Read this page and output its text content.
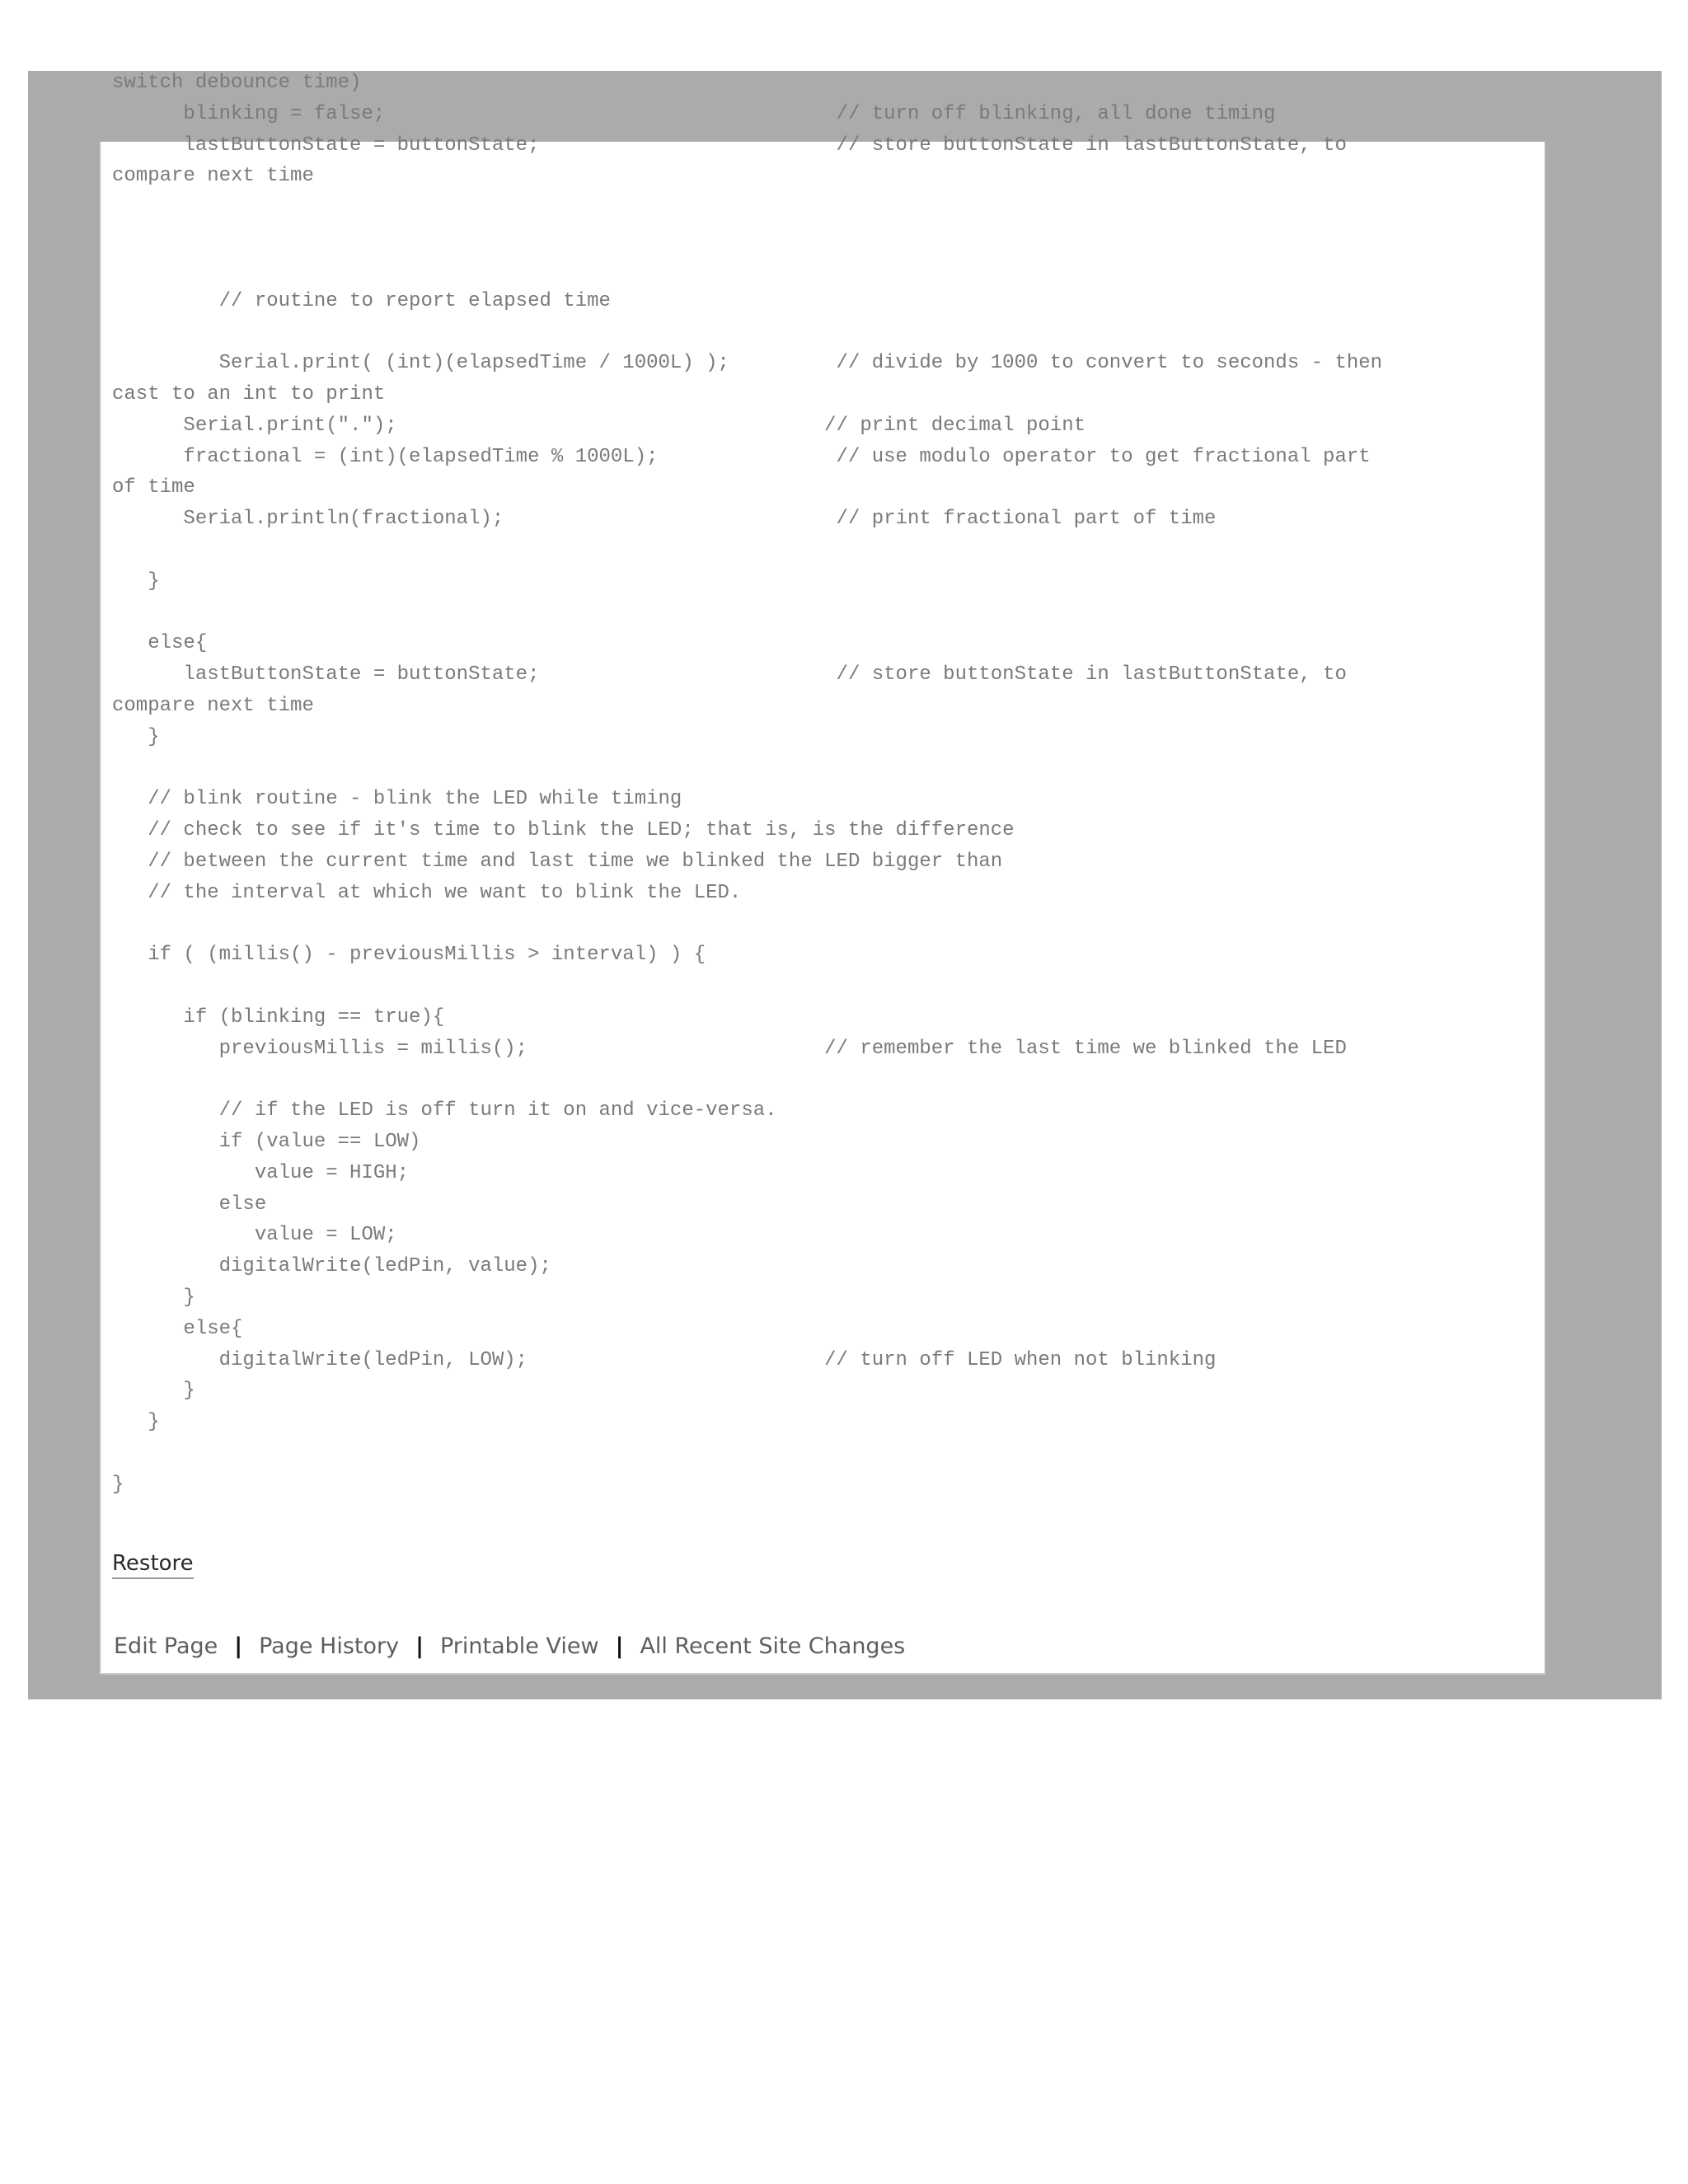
switch debounce time)
blinking = false;                                      // turn off blinking, all done timing
lastButtonState = buttonState;                         // store buttonState in lastButtonState, to
compare next time

// routine to report elapsed time

Serial.print( (int)(elapsedTime / 1000L) );         // divide by 1000 to convert to seconds - then
cast to an int to print
Serial.print(".");                                    // print decimal point
fractional = (int)(elapsedTime % 1000L);               // use modulo operator to get fractional part
of time
Serial.println(fractional);                            // print fractional part of time

}

else{
lastButtonState = buttonState;                         // store buttonState in lastButtonState, to
compare next time
}

// blink routine - blink the LED while timing
// check to see if it's time to blink the LED; that is, is the difference
// between the current time and last time we blinked the LED bigger than
// the interval at which we want to blink the LED.

if ( (millis() - previousMillis > interval) ) {

if (blinking == true){
previousMillis = millis();                         // remember the last time we blinked the LED

// if the LED is off turn it on and vice-versa.
if (value == LOW)
value = HIGH;
else
value = LOW;
digitalWrite(ledPin, value);
}
else{
digitalWrite(ledPin, LOW);                         // turn off LED when not blinking
}
}

}
Restore
Edit Page | Page History | Printable View | All Recent Site Changes
